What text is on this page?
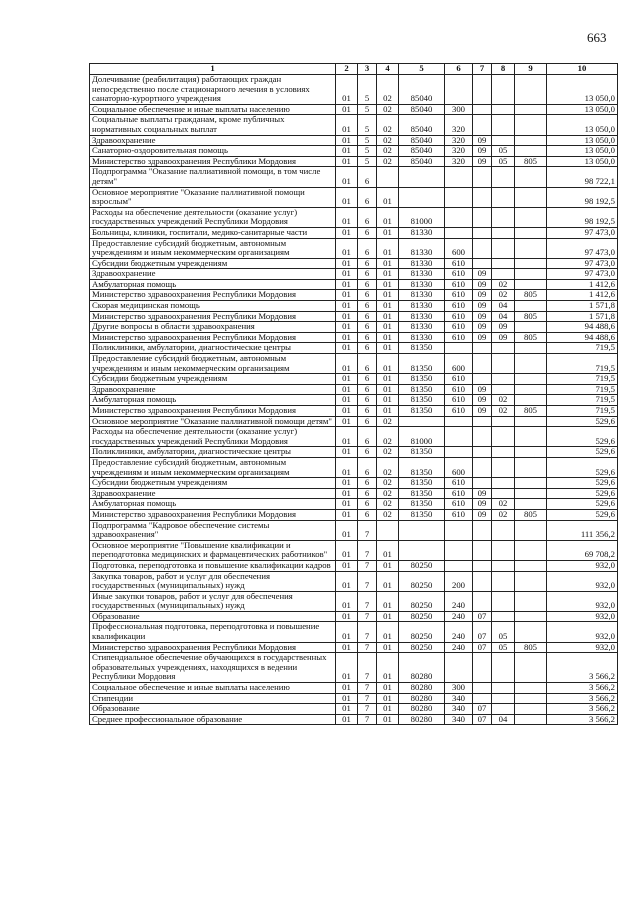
663
1	2	3	4	5	6	7	8	9	10
Долечивание (реабилитация) работающих граждан непосредственно после стационарного лечения в условиях санаторно-курортного учреждения	01	5	02	85040					13 050,0
Социальное обеспечение и иные выплаты населению	01	5	02	85040	300				13 050,0
Социальные выплаты гражданам, кроме публичных нормативных социальных выплат	01	5	02	85040	320				13 050,0
Здравоохранение	01	5	02	85040	320	09			13 050,0
Санаторно-оздоровительная помощь	01	5	02	85040	320	09	05		13 050,0
Министерство здравоохранения Республики Мордовия	01	5	02	85040	320	09	05	805	13 050,0
Подпрограмма "Оказание паллиативной помощи, в том числе детям"	01	6							98 722,1
Основное мероприятие "Оказание паллиативной помощи взрослым"	01	6	01						98 192,5
Расходы на обеспечение деятельности (оказание услуг) государственных учреждений Республики Мордовия	01	6	01	81000					98 192,5
Больницы, клиники, госпитали, медико-санитарные части	01	6	01	81330					97 473,0
Предоставление субсидий бюджетным, автономным учреждениям и иным некоммерческим организациям	01	6	01	81330	600				97 473,0
Субсидии бюджетным учреждениям	01	6	01	81330	610				97 473,0
Здравоохранение	01	6	01	81330	610	09			97 473,0
Амбулаторная помощь	01	6	01	81330	610	09	02		1 412,6
Министерство здравоохранения Республики Мордовия	01	6	01	81330	610	09	02	805	1 412,6
Скорая медицинская помощь	01	6	01	81330	610	09	04		1 571,8
Министерство здравоохранения Республики Мордовия	01	6	01	81330	610	09	04	805	1 571,8
Другие вопросы в области здравоохранения	01	6	01	81330	610	09	09		94 488,6
Министерство здравоохранения Республики Мордовия	01	6	01	81330	610	09	09	805	94 488,6
Поликлиники, амбулатории, диагностические центры	01	6	01	81350					719,5
Предоставление субсидий бюджетным, автономным учреждениям и иным некоммерческим организациям	01	6	01	81350	600				719,5
Субсидии бюджетным учреждениям	01	6	01	81350	610				719,5
Здравоохранение	01	6	01	81350	610	09			719,5
Амбулаторная помощь	01	6	01	81350	610	09	02		719,5
Министерство здравоохранения Республики Мордовия	01	6	01	81350	610	09	02	805	719,5
Основное мероприятие "Оказание паллиативной помощи детям"	01	6	02						529,6
Расходы на обеспечение деятельности (оказание услуг) государственных учреждений Республики Мордовия	01	6	02	81000					529,6
Поликлиники, амбулатории, диагностические центры	01	6	02	81350					529,6
Предоставление субсидий бюджетным, автономным учреждениям и иным некоммерческим организациям	01	6	02	81350	600				529,6
Субсидии бюджетным учреждениям	01	6	02	81350	610				529,6
Здравоохранение	01	6	02	81350	610	09			529,6
Амбулаторная помощь	01	6	02	81350	610	09	02		529,6
Министерство здравоохранения Республики Мордовия	01	6	02	81350	610	09	02	805	529,6
Подпрограмма "Кадровое обеспечение системы здравоохранения"	01	7							111 356,2
Основное мероприятие "Повышение квалификации и переподготовка медицинских и фармацевтических работников"	01	7	01						69 708,2
Подготовка, переподготовка и повышение квалификации кадров	01	7	01	80250					932,0
Закупка товаров, работ и услуг для обеспечения государственных (муниципальных) нужд	01	7	01	80250	200				932,0
Иные закупки товаров, работ и услуг для обеспечения государственных (муниципальных) нужд	01	7	01	80250	240				932,0
Образование	01	7	01	80250	240	07			932,0
Профессиональная подготовка, переподготовка и повышение квалификации	01	7	01	80250	240	07	05		932,0
Министерство здравоохранения Республики Мордовия	01	7	01	80250	240	07	05	805	932,0
Стипендиальное обеспечение обучающихся в государственных образовательных учреждениях, находящихся в ведении Республики Мордовия	01	7	01	80280					3 566,2
Социальное обеспечение и иные выплаты населению	01	7	01	80280	300				3 566,2
Стипендии	01	7	01	80280	340				3 566,2
Образование	01	7	01	80280	340	07			3 566,2
Среднее профессиональное образование	01	7	01	80280	340	07	04		3 566,2
